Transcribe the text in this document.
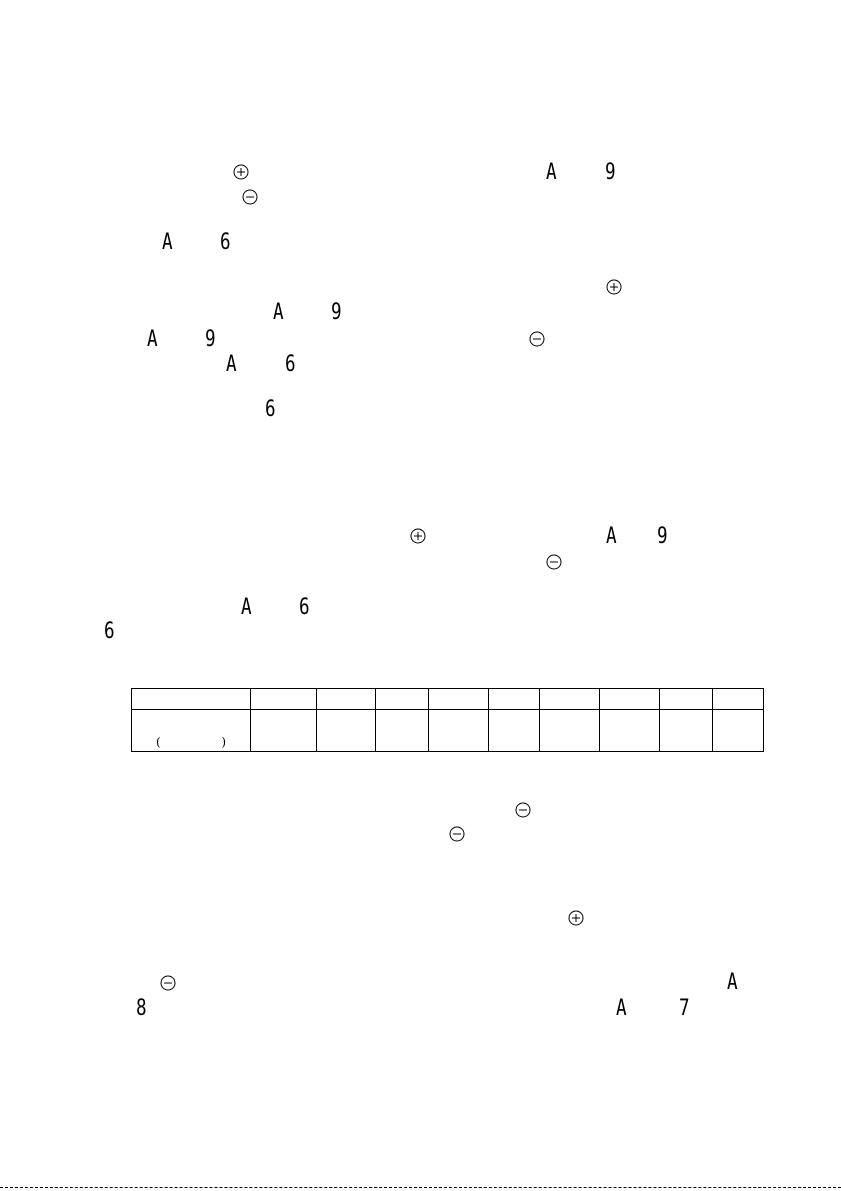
A 9
A 6
A 9
A 9
A 6
6
A 9
A 6
6

( )									

A
8	A 7
